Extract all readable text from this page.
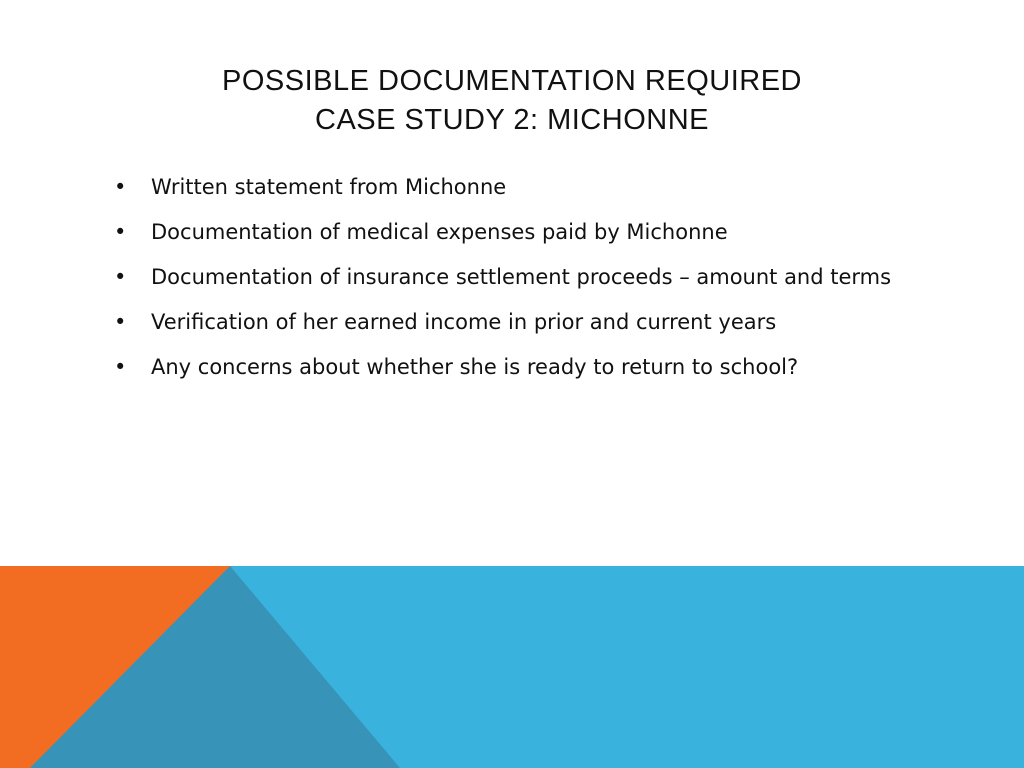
POSSIBLE DOCUMENTATION REQUIRED
CASE STUDY 2: MICHONNE
•	Written statement from Michonne
•	Documentation of medical expenses paid by Michonne
•	Documentation of insurance settlement proceeds – amount and terms
•	Verification of her earned income in prior and current years
•	Any concerns about whether she is ready to return to school?
